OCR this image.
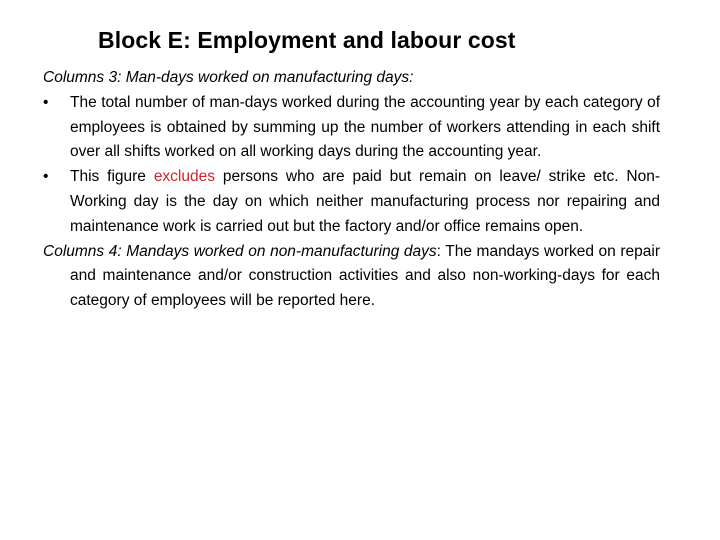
Block E: Employment and labour cost

Columns 3: Man-days worked on manufacturing days:

• The total number of man-days worked during the accounting year by each category of employees is obtained by summing up the number of workers attending in each shift over all shifts worked on all working days during the accounting year.

• This figure excludes persons who are paid but remain on leave/ strike etc. Non-Working day is the day on which neither manufacturing process nor repairing and maintenance work is carried out but the factory and/or office remains open.

Columns 4: Mandays worked on non-manufacturing days: The mandays worked on repair and maintenance and/or construction activities and also non-working-days for each category of employees will be reported here.
